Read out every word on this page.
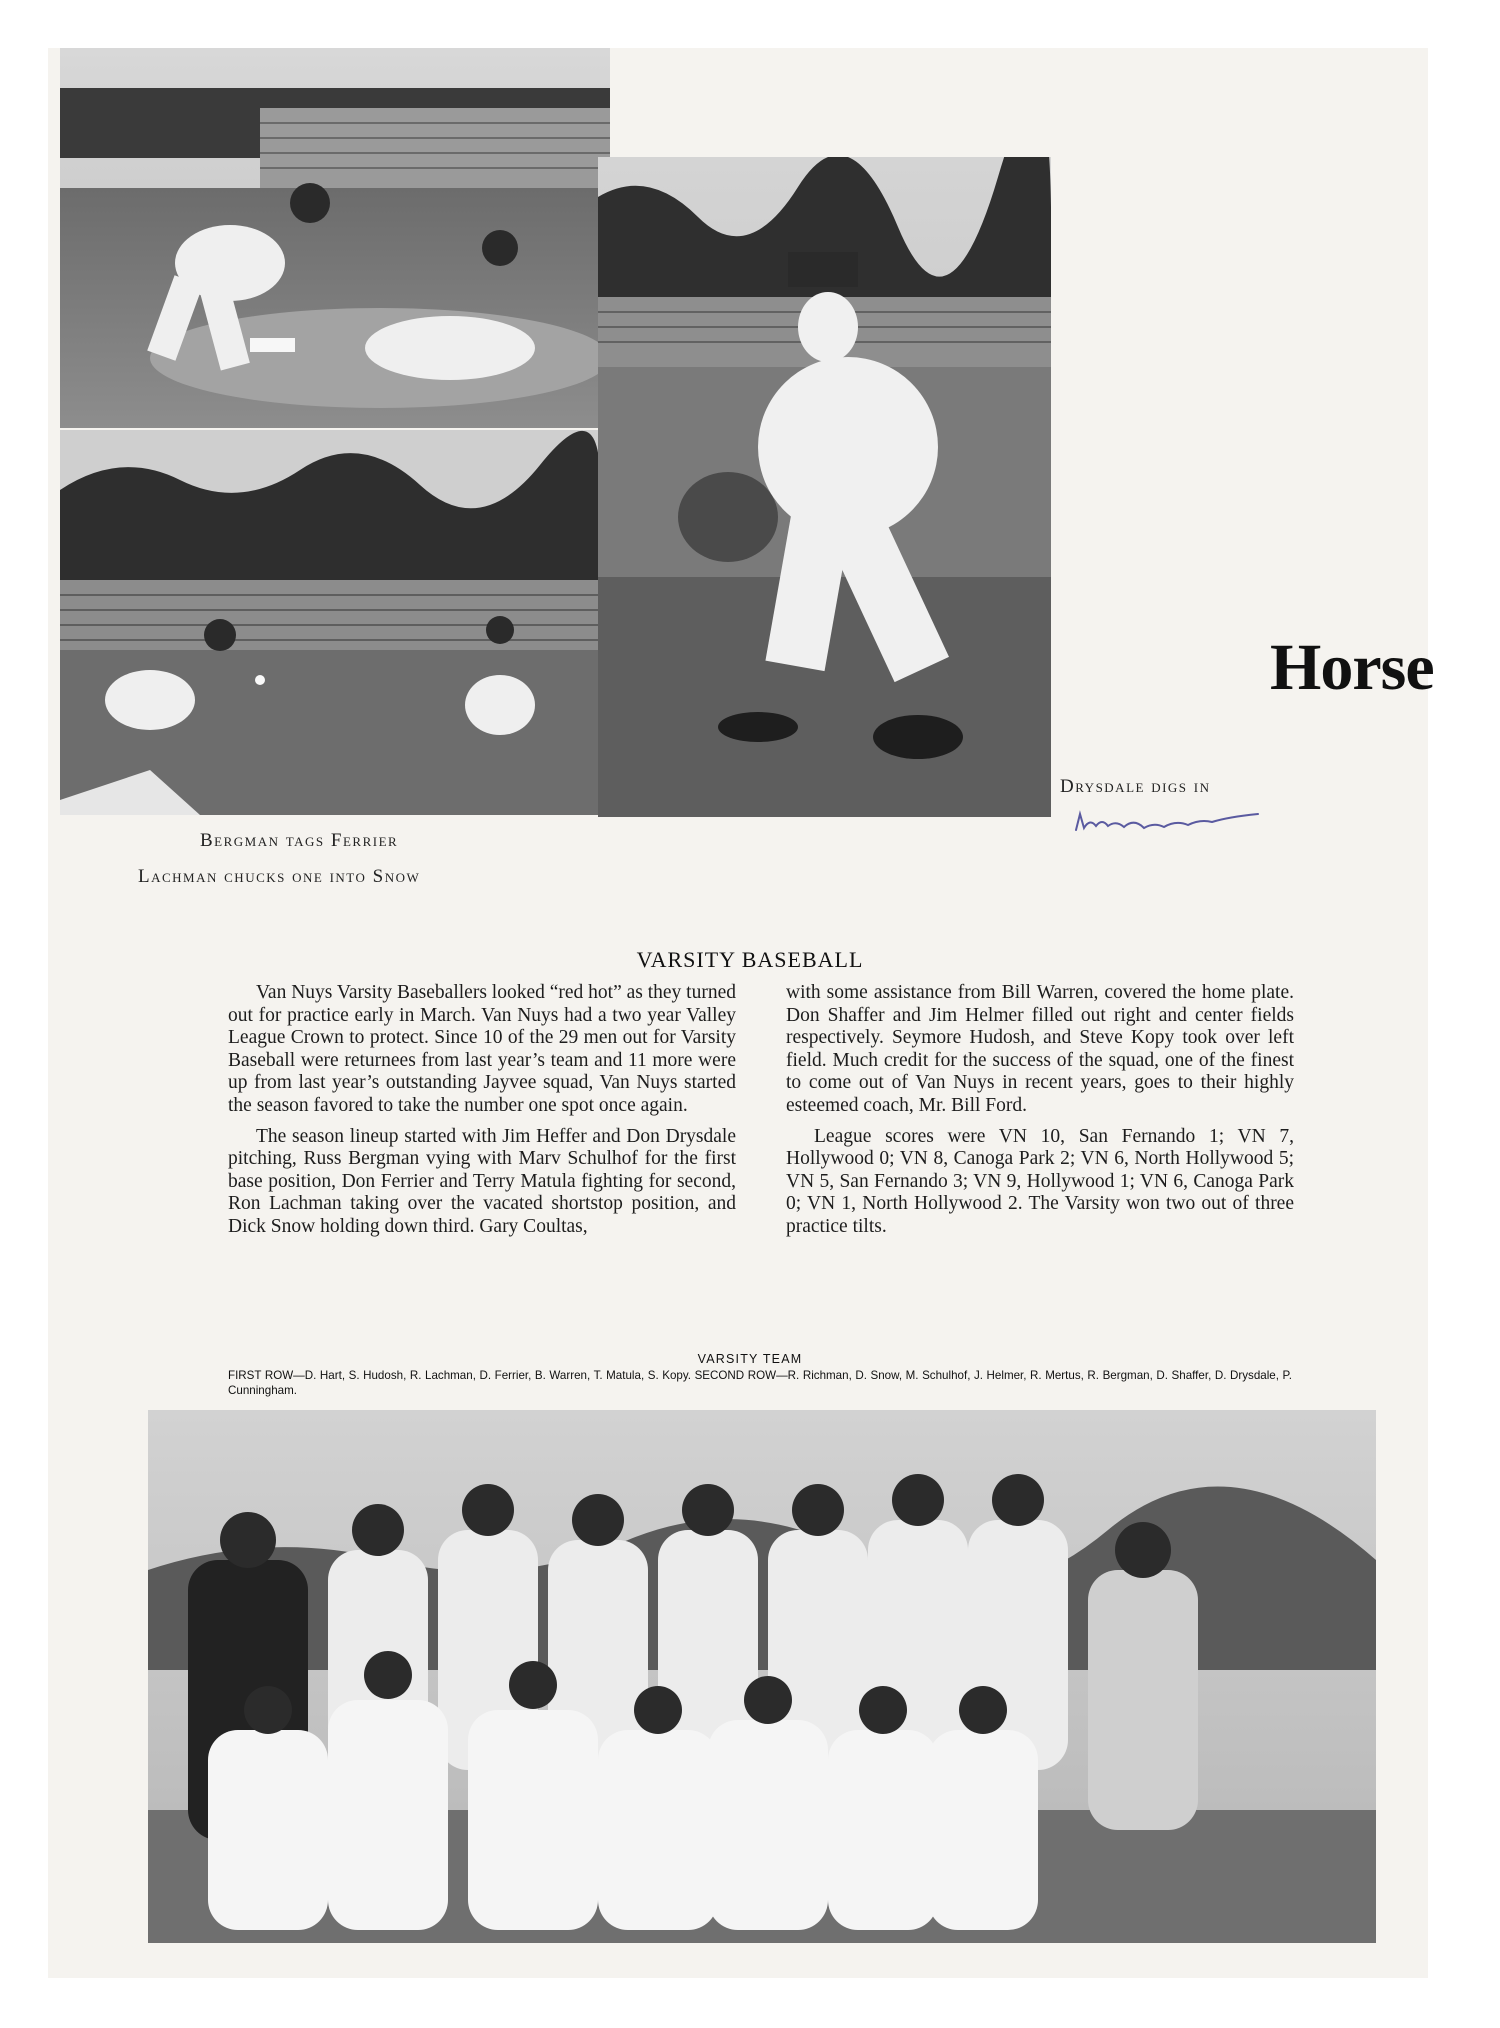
Drysdale digs in
Horse
Bergman tags Ferrier
Lachman chucks one into Snow
VARSITY BASEBALL

Van Nuys Varsity Baseballers looked “red hot” as they turned out for practice early in March. Van Nuys had a two year Valley League Crown to protect. Since 10 of the 29 men out for Varsity Baseball were returnees from last year’s team and 11 more were up from last year’s outstanding Jayvee squad, Van Nuys started the season favored to take the number one spot once again.

The season lineup started with Jim Heffer and Don Drysdale pitching, Russ Bergman vying with Marv Schulhof for the first base position, Don Ferrier and Terry Matula fighting for second, Ron Lachman taking over the vacated shortstop position, and Dick Snow holding down third. Gary Coultas,

with some assistance from Bill Warren, covered the home plate. Don Shaffer and Jim Helmer filled out right and center fields respectively. Seymore Hudosh, and Steve Kopy took over left field. Much credit for the success of the squad, one of the finest to come out of Van Nuys in recent years, goes to their highly esteemed coach, Mr. Bill Ford.

League scores were VN 10, San Fernando 1; VN 7, Hollywood 0; VN 8, Canoga Park 2; VN 6, North Hollywood 5; VN 5, San Fernando 3; VN 9, Hollywood 1; VN 6, Canoga Park 0; VN 1, North Hollywood 2. The Varsity won two out of three practice tilts.

VARSITY TEAM
FIRST ROW—D. Hart, S. Hudosh, R. Lachman, D. Ferrier, B. Warren, T. Matula, S. Kopy. SECOND ROW—R. Richman, D. Snow, M. Schulhof, J. Helmer, R. Mertus, R. Bergman, D. Shaffer, D. Drysdale, P. Cunningham.
